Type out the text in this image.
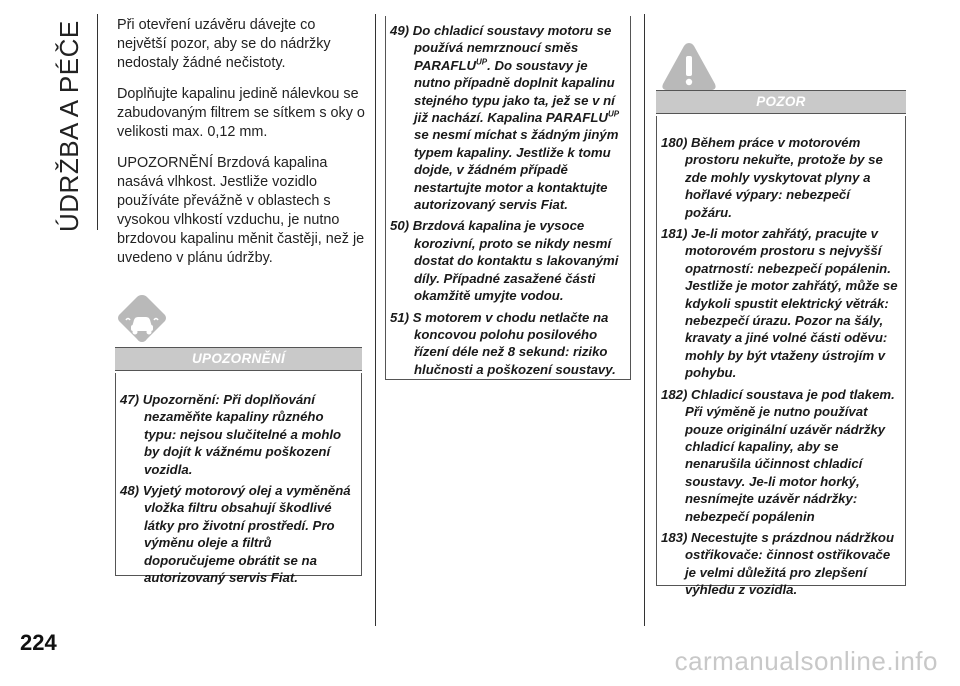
ÚDRŽBA A PÉČE Při otevření uzávěru dávejte co největší pozor, aby se do nádržky nedostaly žádné nečistoty.

Doplňujte kapalinu jedině nálevkou se zabudovaným filtrem se sítkem s oky o velikosti max. 0,12 mm.

UPOZORNĚNÍ Brzdová kapalina nasává vlhkost. Jestliže vozidlo používáte převážně v oblastech s vysokou vlhkostí vzduchu, je nutno brzdovou kapalinu měnit častěji, než je uvedeno v plánu údržby.

UPOZORNĚNÍ

47) Upozornění: Při doplňování nezaměňte kapaliny různého typu: nejsou slučitelné a mohlo by dojít k vážnému poškození vozidla.

48) Vyjetý motorový olej a vyměněná vložka filtru obsahují škodlivé látky pro životní prostředí. Pro výměnu oleje a filtrů doporučujeme obrátit se na autorizovaný servis Fiat.

49) Do chladicí soustavy motoru se používá nemrznoucí směs $PARAFLU^{UP}$. Do soustavy je nutno případně doplnit kapalinu stejného typu jako ta, jež se v ní již nachází. Kapalina $PARAFLU^{UP}$ se nesmí míchat s žádným jiným typem kapaliny. Jestliže k tomu dojde, v žádném případě nestartujte motor a kontaktujte autorizovaný servis Fiat.

50) Brzdová kapalina je vysoce korozivní, proto se nikdy nesmí dostat do kontaktu s lakovanými díly. Případné zasažené části okamžitě umyjte vodou.

51) S motorem v chodu netlačte na koncovou polohu posilového řízení déle než 8 sekund: riziko hlučnosti a poškození soustavy.

POZOR

180) Během práce v motorovém prostoru nekuřte, protože by se zde mohly vyskytovat plyny a hořlavé výpary: nebezpečí požáru.

181) Je-li motor zahřátý, pracujte v motorovém prostoru s nejvyšší opatrností: nebezpečí popálenin. Jestliže je motor zahřátý, může se kdykoli spustit elektrický větrák: nebezpečí úrazu. Pozor na šály, kravaty a jiné volné části oděvu: mohly by být vtaženy ústrojím v pohybu.

182) Chladicí soustava je pod tlakem. Při výměně je nutno používat pouze originální uzávěr nádržky chladicí kapaliny, aby se nenarušila účinnost chladicí soustavy. Je-li motor horký, nesnímejte uzávěr nádržky: nebezpečí popálenin

183) Necestujte s prázdnou nádržkou ostřikovače: činnost ostřikovače je velmi důležitá pro zlepšení výhledu z vozidla.

224
carmanualsonline.info
